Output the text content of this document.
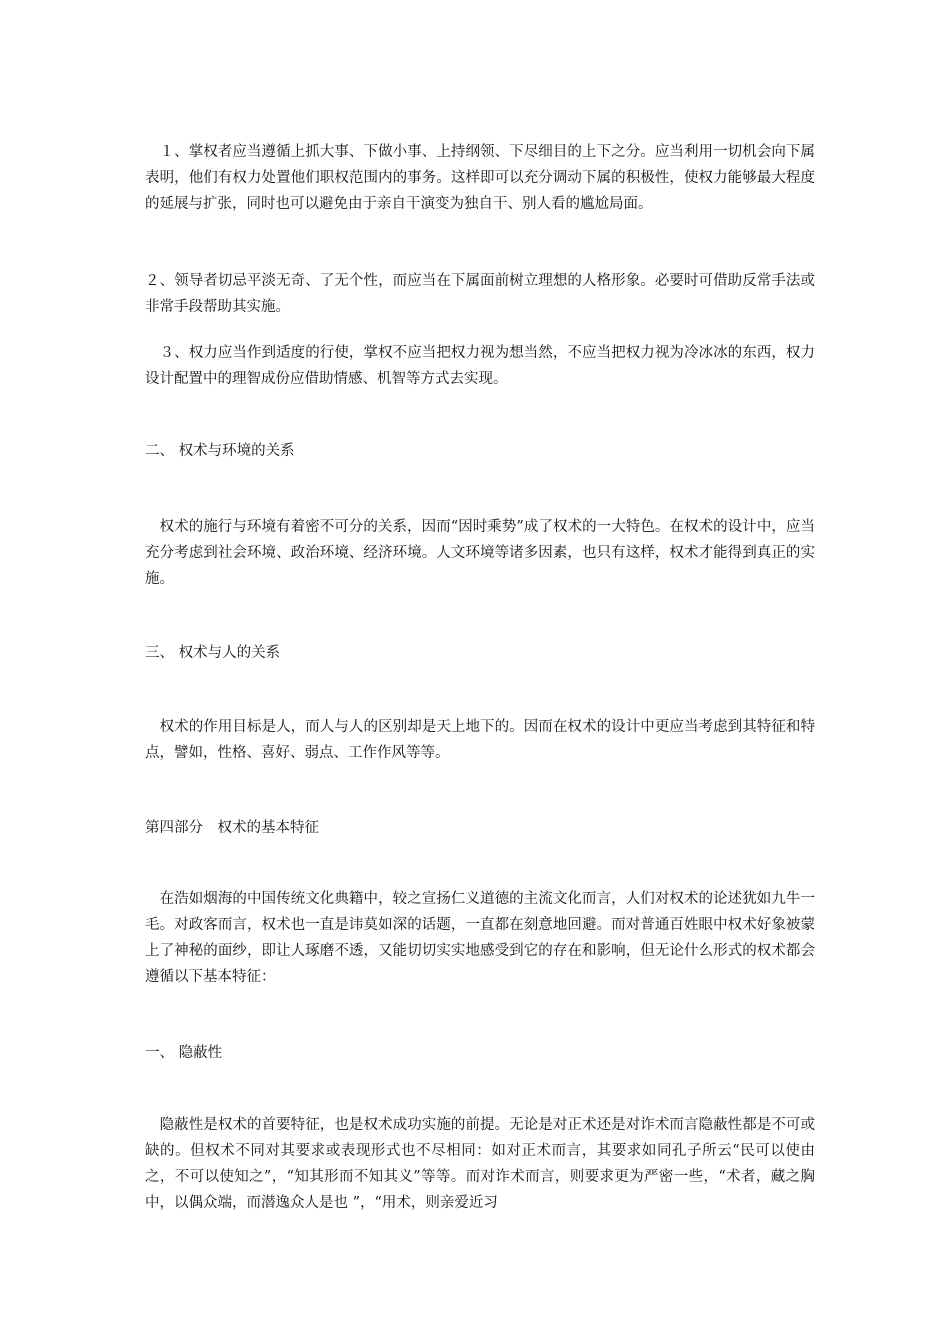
　１、掌权者应当遵循上抓大事、下做小事、上持纲领、下尽细目的上下之分。应当利用一切机会向下属表明，他们有权力处置他们职权范围内的事务。这样即可以充分调动下属的积极性，使权力能够最大程度的延展与扩张，同时也可以避免由于亲自干演变为独自干、别人看的尴尬局面。

２、领导者切忌平淡无奇、了无个性，而应当在下属面前树立理想的人格形象。必要时可借助反常手法或非常手段帮助其实施。

　３、权力应当作到适度的行使，掌权不应当把权力视为想当然，不应当把权力视为冷冰冰的东西，权力设计配置中的理智成份应借助情感、机智等方式去实现。

二、 权术与环境的关系

　权术的施行与环境有着密不可分的关系，因而“因时乘势”成了权术的一大特色。在权术的设计中，应当充分考虑到社会环境、政治环境、经济环境。人文环境等诸多因素，也只有这样，权术才能得到真正的实施。

三、 权术与人的关系

　权术的作用目标是人，而人与人的区别却是天上地下的。因而在权术的设计中更应当考虑到其特征和特点，譬如，性格、喜好、弱点、工作作风等等。

第四部分　权术的基本特征

　在浩如烟海的中国传统文化典籍中，较之宣扬仁义道德的主流文化而言，人们对权术的论述犹如九牛一毛。对政客而言，权术也一直是讳莫如深的话题，一直都在刻意地回避。而对普通百姓眼中权术好象被蒙上了神秘的面纱，即让人琢磨不透，又能切切实实地感受到它的存在和影响，但无论什么形式的权术都会遵循以下基本特征：

一、 隐蔽性

　隐蔽性是权术的首要特征，也是权术成功实施的前提。无论是对正术还是对诈术而言隐蔽性都是不可或缺的。但权术不同对其要求或表现形式也不尽相同：如对正术而言，其要求如同孔子所云“民可以使由之，不可以使知之”，“知其形而不知其义”等等。而对诈术而言，则要求更为严密一些，“术者，藏之胸中，以偶众端，而潜逸众人是也 ”，“用术，则亲爱近习
